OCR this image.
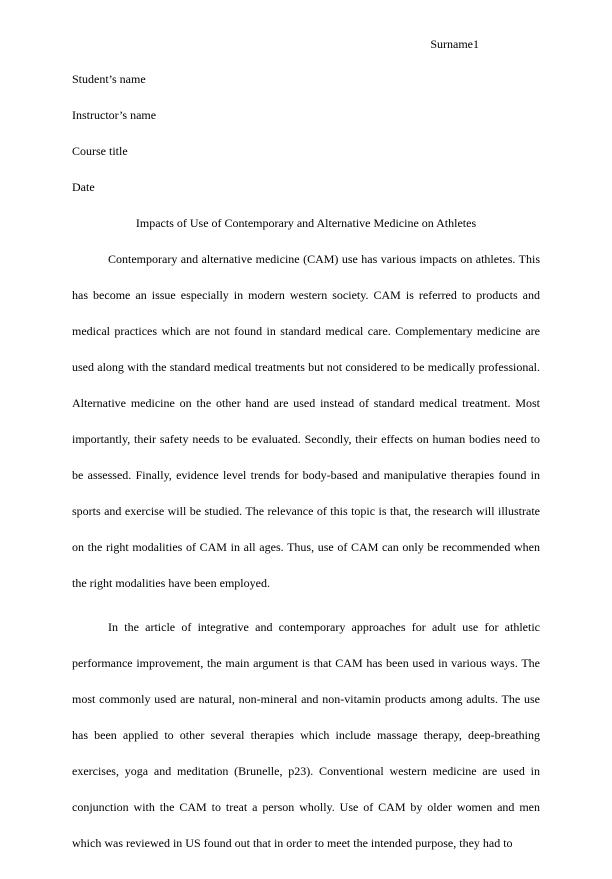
Surname1
Student’s name
Instructor’s name
Course title
Date
Impacts of Use of Contemporary and Alternative Medicine on Athletes

Contemporary and alternative medicine (CAM) use has various impacts on athletes. This has become an issue especially in modern western society. CAM is referred to products and medical practices which are not found in standard medical care. Complementary medicine are used along with the standard medical treatments but not considered to be medically professional. Alternative medicine on the other hand are used instead of standard medical treatment. Most importantly, their safety needs to be evaluated. Secondly, their effects on human bodies need to be assessed. Finally, evidence level trends for body-based and manipulative therapies found in sports and exercise will be studied. The relevance of this topic is that, the research will illustrate on the right modalities of CAM in all ages. Thus, use of CAM can only be recommended when the right modalities have been employed.

In the article of integrative and contemporary approaches for adult use for athletic performance improvement, the main argument is that CAM has been used in various ways. The most commonly used are natural, non-mineral and non-vitamin products among adults. The use has been applied to other several therapies which include massage therapy, deep-breathing exercises, yoga and meditation (Brunelle, p23). Conventional western medicine are used in conjunction with the CAM to treat a person wholly. Use of CAM by older women and men which was reviewed in US found out that in order to meet the intended purpose, they had to
